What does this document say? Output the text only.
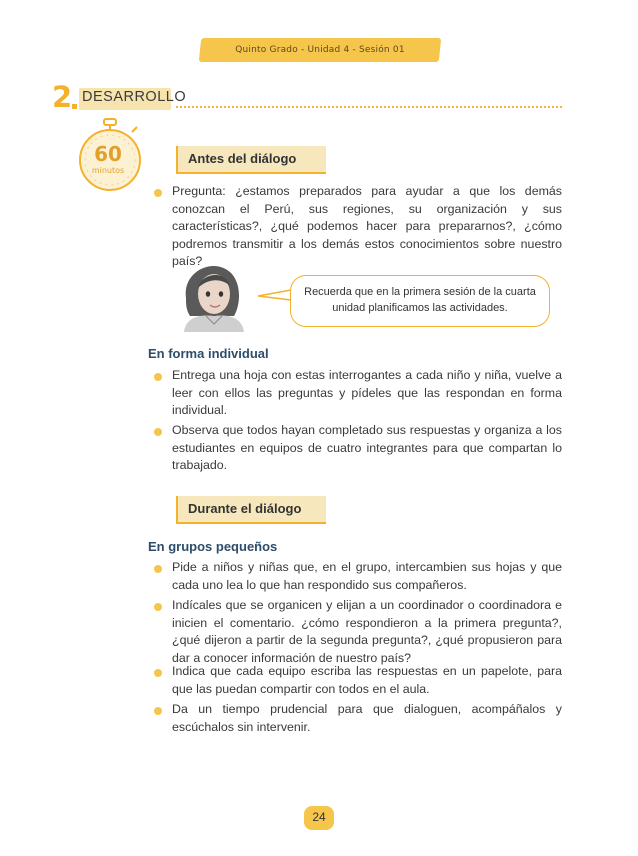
Quinto Grado - Unidad 4 - Sesión 01
2 DESARROLLO
60
minutos
Antes del diálogo
Pregunta: ¿estamos preparados para ayudar a que los demás conozcan el Perú, sus regiones, su organización y sus características?, ¿qué podemos hacer para prepararnos?, ¿cómo podremos transmitir a los demás estos conocimientos sobre nuestro país?
Recuerda que en la primera sesión de la cuarta unidad planificamos las actividades.
En forma individual
Entrega una hoja con estas interrogantes a cada niño y niña, vuelve a leer con ellos las preguntas y pídeles que las respondan en forma individual.
Observa que todos hayan completado sus respuestas y organiza a los estudiantes en equipos de cuatro integrantes para que compartan lo trabajado.
Durante el diálogo
En grupos pequeños
Pide a niños y niñas que, en el grupo, intercambien sus hojas y que cada uno lea lo que han respondido sus compañeros.
Indícales que se organicen y elijan a un coordinador o coordinadora e inicien el comentario. ¿cómo respondieron a la primera pregunta?, ¿qué dijeron a partir de la segunda pregunta?, ¿qué propusieron para dar a conocer información de nuestro país?
Indica que cada equipo escriba las respuestas en un papelote, para que las puedan compartir con todos en el aula.
Da un tiempo prudencial para que dialoguen, acompáñalos y escúchalos sin intervenir.
24
